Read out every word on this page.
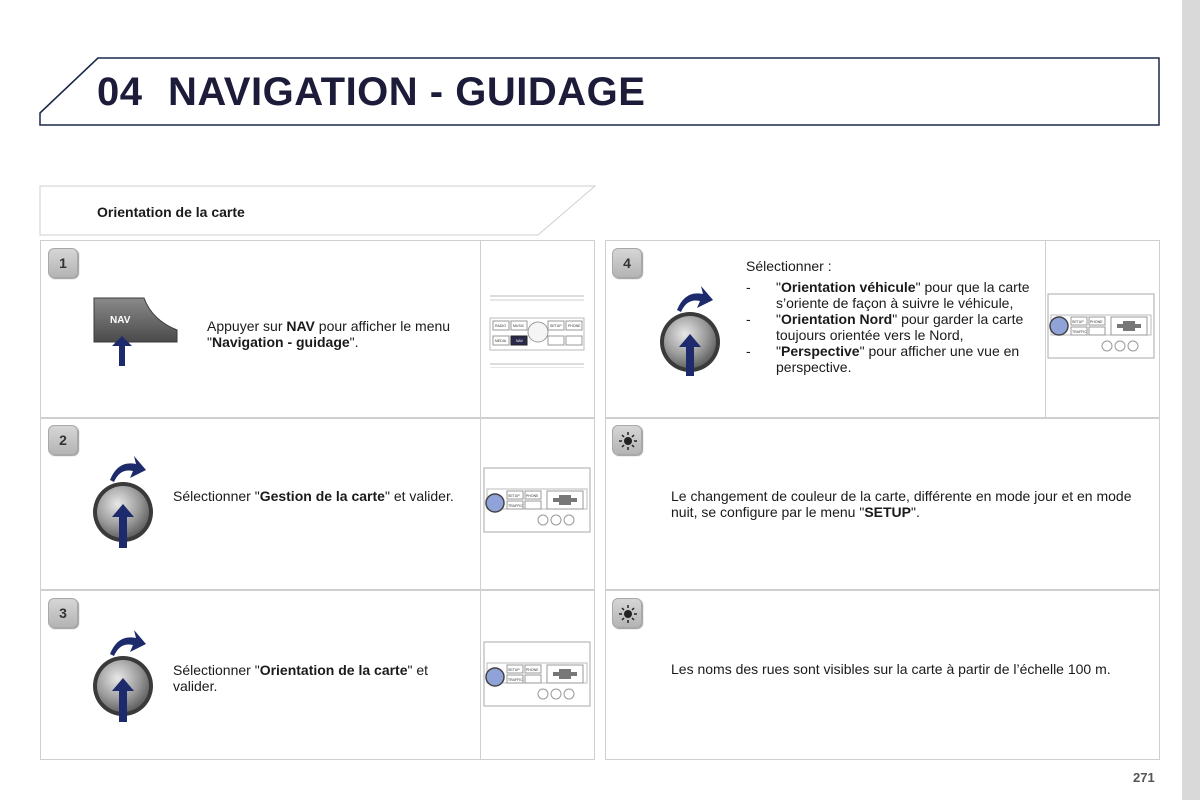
04 NAVIGATION - GUIDAGE
Orientation de la carte
1
NAV	Appuyer sur NAV pour afficher le menu "Navigation - guidage".
RADIO MUSIC	SETUP PHONE
MEDIA	NAV
2
Sélectionner "Gestion de la carte" et valider.	SETUP PHONE
TRAFFIC
3
Sélectionner "Orientation de la carte" et valider.
SETUP PHONE
TRAFFIC
4	Sélectionner :
- "Orientation véhicule" pour que la carte s’oriente de façon à suivre le véhicule,
- "Orientation Nord" pour garder la carte toujours orientée vers le Nord,
- "Perspective" pour afficher une vue en perspective.
SETUP PHONE
TRAFFIC
Le changement de couleur de la carte, différente en mode jour et en mode nuit, se configure par le menu "SETUP".
Les noms des rues sont visibles sur la carte à partir de l’échelle 100 m.
271
